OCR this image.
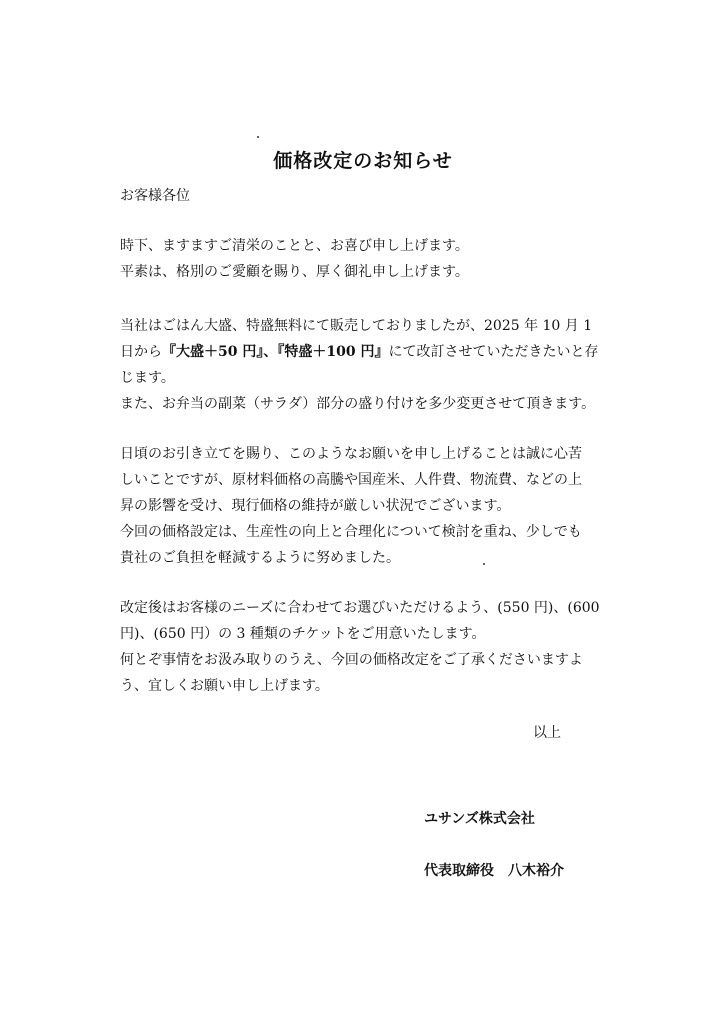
価格改定のお知らせ
お客様各位
時下、ますますご清栄のことと、お喜び申し上げます。
平素は、格別のご愛顧を賜り、厚く御礼申し上げます。
当社はごはん大盛、特盛無料にて販売しておりましたが、2025 年 10 月 1
日から『大盛＋50 円』、『特盛＋100 円』にて改訂させていただきたいと存
じます。
また、お弁当の副菜（サラダ）部分の盛り付けを多少変更させて頂きます。
日頃のお引き立てを賜り、このようなお願いを申し上げることは誠に心苦
しいことですが、原材料価格の高騰や国産米、人件費、物流費、などの上
昇の影響を受け、現行価格の維持が厳しい状況でございます。
今回の価格設定は、生産性の向上と合理化について検討を重ね、少しでも
貴社のご負担を軽減するように努めました。
改定後はお客様のニーズに合わせてお選びいただけるよう、(550 円)、(600
円)、(650 円）の 3 種類のチケットをご用意いたします。
何とぞ事情をお汲み取りのうえ、今回の価格改定をご了承くださいますよ
う、宜しくお願い申し上げます。
以上
ユサンズ株式会社
代表取締役　八木裕介
